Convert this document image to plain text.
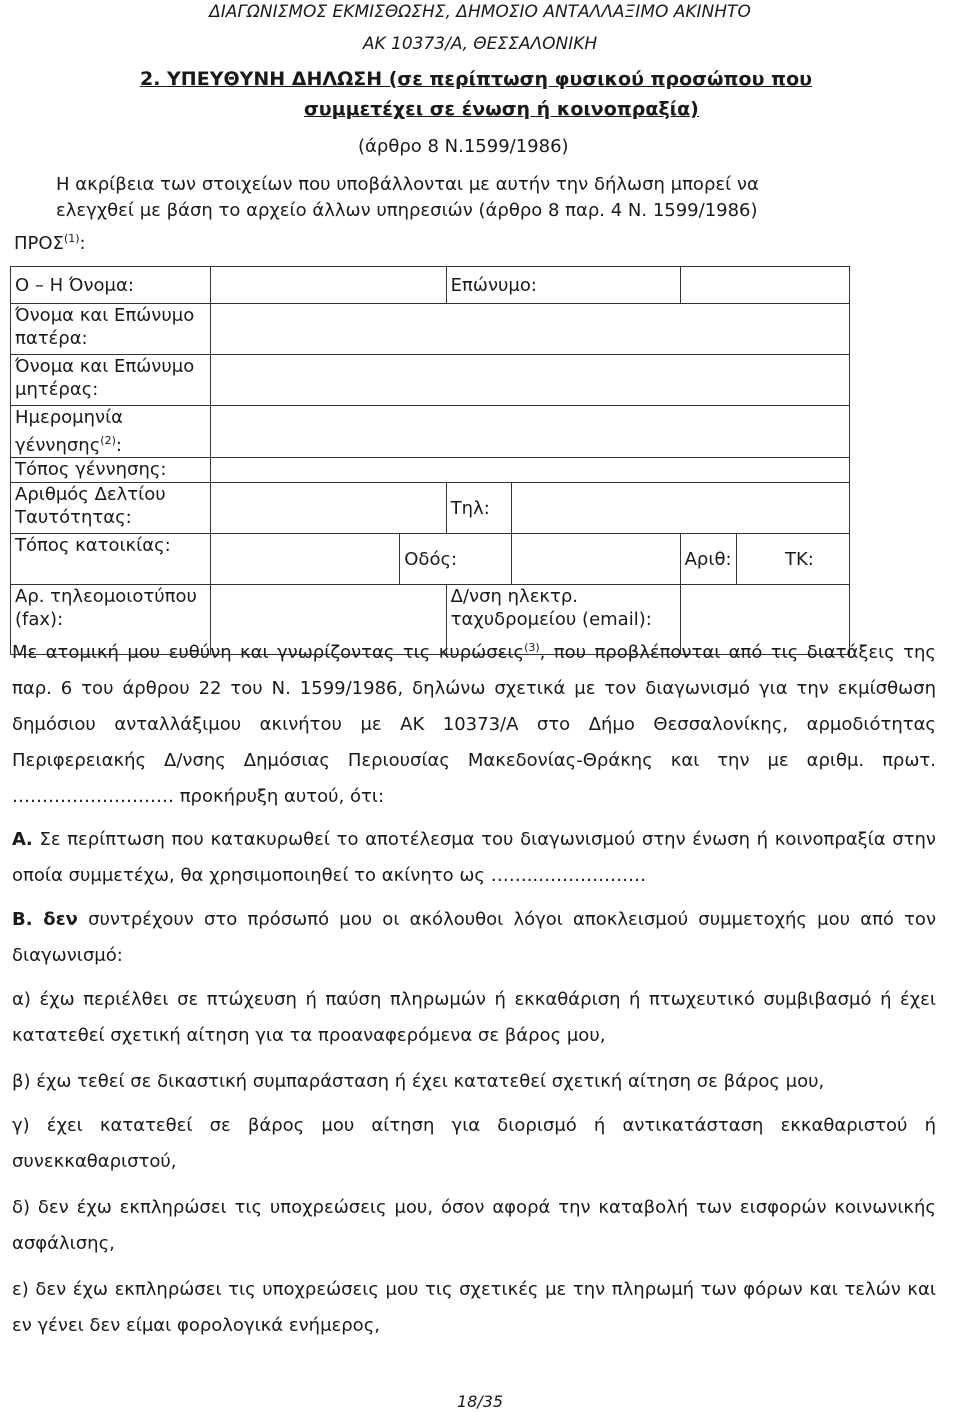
ΔΙΑΓΩΝΙΣΜΟΣ ΕΚΜΙΣΘΩΣΗΣ, ΔΗΜΟΣΙΟ ΑΝΤΑΛΛΑΞΙΜΟ ΑΚΙΝΗΤΟ
ΑΚ 10373/Α, ΘΕΣΣΑΛΟΝΙΚΗ
2. ΥΠΕΥΘΥΝΗ ΔΗΛΩΣΗ (σε περίπτωση φυσικού προσώπου που
συμμετέχει σε ένωση ή κοινοπραξία)
(άρθρο 8 Ν.1599/1986)
Η ακρίβεια των στοιχείων που υποβάλλονται με αυτήν την δήλωση μπορεί να
ελεγχθεί με βάση το αρχείο άλλων υπηρεσιών (άρθρο 8 παρ. 4 Ν. 1599/1986)
ΠΡΟΣ$^{(1)}$:
Ο – Η Όνομα:			Επώνυμο:			
Όνομα και Επώνυμο πατέρα:						
Όνομα και Επώνυμο μητέρας:						
Ημερομηνία γέννησης$^{(2)}$:						
Τόπος γέννησης:						
Αριθμός Δελτίου Ταυτότητας:			Τηλ:			
Τόπος κατοικίας:		Οδός:			Αριθ:	ΤΚ:
Αρ. τηλεομοιοτύπου (fax):			Δ/νση ηλεκτρ. ταχυδρομείου (email):			

Με ατομική μου ευθύνη και γνωρίζοντας τις κυρώσεις$^{(3)}$, που προβλέπονται από τις διατάξεις της παρ. 6 του άρθρου 22 του Ν. 1599/1986, δηλώνω σχετικά με τον διαγωνισμό για την εκμίσθωση δημόσιου ανταλλάξιμου ακινήτου με ΑΚ 10373/Α στο Δήμο Θεσσαλονίκης, αρμοδιότητας Περιφερειακής Δ/νσης Δημόσιας Περιουσίας Μακεδονίας-Θράκης και την με αριθμ. πρωτ. ……………………… προκήρυξη αυτού, ότι:

Α. Σε περίπτωση που κατακυρωθεί το αποτέλεσμα του διαγωνισμού στην ένωση ή κοινοπραξία στην οποία συμμετέχω, θα χρησιμοποιηθεί το ακίνητο ως ……..………………
Β. δεν συντρέχουν στο πρόσωπό μου οι ακόλουθοι λόγοι αποκλεισμού συμμετοχής μου από τον διαγωνισμό:
α) έχω περιέλθει σε πτώχευση ή παύση πληρωμών ή εκκαθάριση ή πτωχευτικό συμβιβασμό ή έχει κατατεθεί σχετική αίτηση για τα προαναφερόμενα σε βάρος μου,
β) έχω τεθεί σε δικαστική συμπαράσταση ή έχει κατατεθεί σχετική αίτηση σε βάρος μου,
γ) έχει κατατεθεί σε βάρος μου αίτηση για διορισμό ή αντικατάσταση εκκαθαριστού ή συνεκκαθαριστού,
δ) δεν έχω εκπληρώσει τις υποχρεώσεις μου, όσον αφορά την καταβολή των εισφορών κοινωνικής ασφάλισης,
ε) δεν έχω εκπληρώσει τις υποχρεώσεις μου τις σχετικές με την πληρωμή των φόρων και τελών και εν γένει δεν είμαι φορολογικά ενήμερος,
18/35
